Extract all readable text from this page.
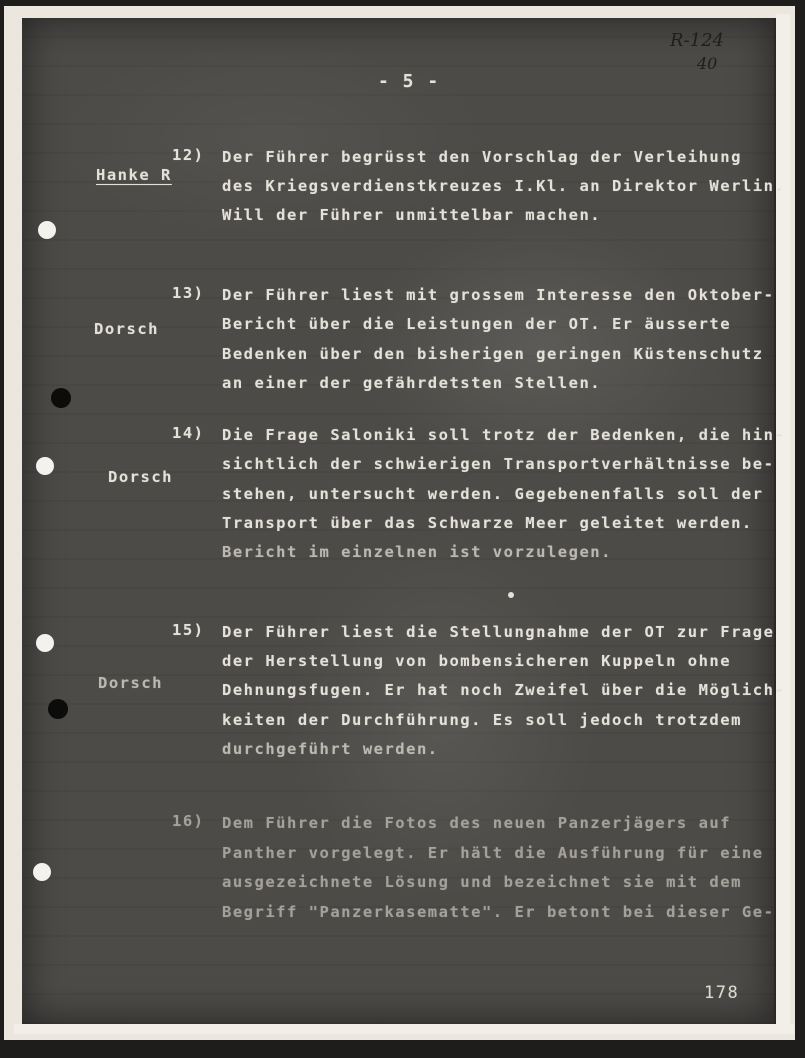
R-124
40
- 5 -
12)
Hanke R
Der Führer begrüsst den Vorschlag der Verleihung
des Kriegsverdienstkreuzes I.Kl. an Direktor Werlin.
Will der Führer unmittelbar machen.
13)
Dorsch
Der Führer liest mit grossem Interesse den Oktober-
Bericht über die Leistungen der OT. Er äusserte
Bedenken über den bisherigen geringen Küstenschutz
an einer der gefährdetsten Stellen.
14)
Dorsch
Die Frage Saloniki soll trotz der Bedenken, die hin-
sichtlich der schwierigen Transportverhältnisse be-
stehen, untersucht werden. Gegebenenfalls soll der
Transport über das Schwarze Meer geleitet werden.
Bericht im einzelnen ist vorzulegen.
15)
Dorsch
Der Führer liest die Stellungnahme der OT zur Frage
der Herstellung von bombensicheren Kuppeln ohne
Dehnungsfugen. Er hat noch Zweifel über die Möglich-
keiten der Durchführung. Es soll jedoch trotzdem
durchgeführt werden.
16) Dem Führer die Fotos des neuen Panzerjägers auf
Panther vorgelegt. Er hält die Ausführung für eine
ausgezeichnete Lösung und bezeichnet sie mit dem
Begriff "Panzerkasematte". Er betont bei dieser Ge-
178
